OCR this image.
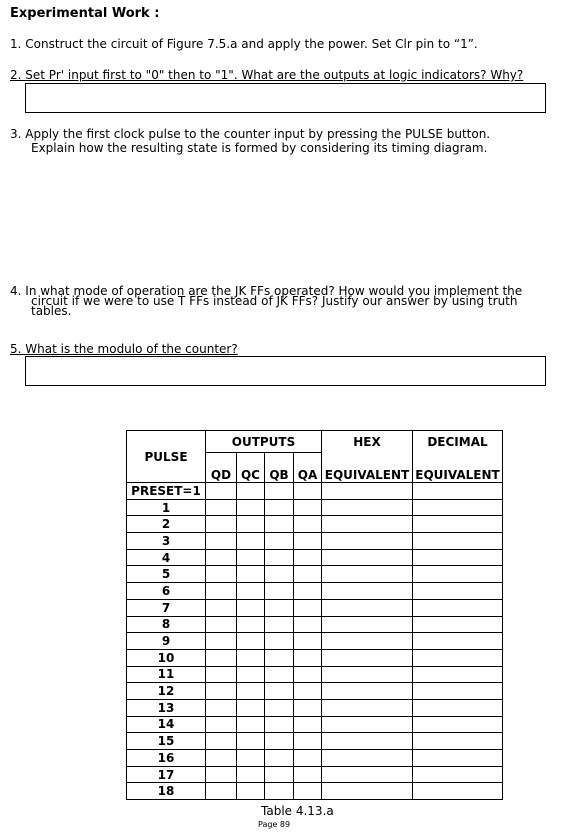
Experimental Work :
1. Construct the circuit of Figure 7.5.a and apply the power. Set Clr pin to “1”.
2. Set Pr' input first to "0" then to "1". What are the outputs at logic indicators? Why?
3. Apply the first clock pulse to the counter input by pressing the PULSE button.
Explain how the resulting state is formed by considering its timing diagram.
4. In what mode of operation are the JK FFs operated? How would you implement the
circuit if we were to use T FFs instead of JK FFs? Justify our answer by using truth
tables.
5. What is the modulo of the counter?
PULSE	OUTPUTS				HEX	DECIMAL
	QD	QC	QB	QA	EQUIVALENT	EQUIVALENT
PRESET=1						
1						
2						
3						
4						
5						
6						
7						
8						
9						
10						
11						
12						
13						
14						
15						
16						
17						
18						
Table 4.13.a
Page 89
